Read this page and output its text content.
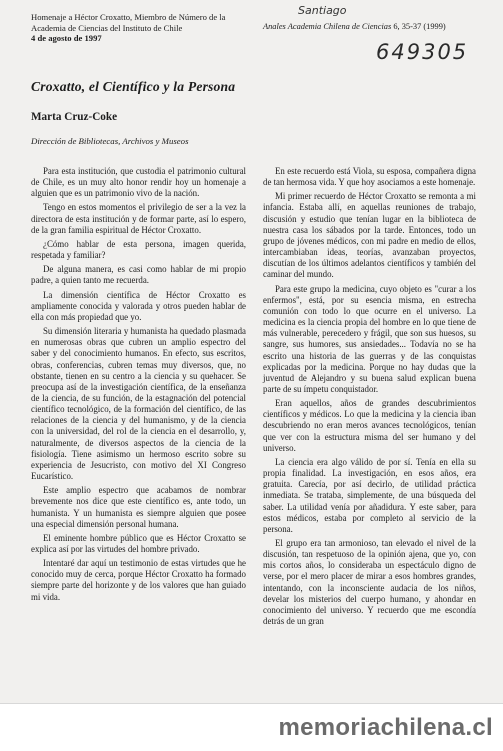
Homenaje a Héctor Croxatto, Miembro de Número de la
Academia de Ciencias del Instituto de Chile
4 de agosto de 1997
Santiago
Anales Academia Chilena de Ciencias 6, 35-37 (1999)
649305
Croxatto, el Científico y la Persona
Marta Cruz-Coke
Dirección de Bibliotecas, Archivos y Museos

Para esta institución, que custodia el patrimonio cultural de Chile, es un muy alto honor rendir hoy un homenaje a alguien que es un patrimonio vivo de la nación.

Tengo en estos momentos el privilegio de ser a la vez la directora de esta institución y de formar parte, así lo espero, de la gran familia espiritual de Héctor Croxatto.

¿Cómo hablar de esta persona, imagen querida, respetada y familiar?

De alguna manera, es casi como hablar de mi propio padre, a quien tanto me recuerda.

La dimensión científica de Héctor Croxatto es ampliamente conocida y valorada y otros pueden hablar de ella con más propiedad que yo.

Su dimensión literaria y humanista ha quedado plasmada en numerosas obras que cubren un amplio espectro del saber y del conocimiento humanos. En efecto, sus escritos, obras, conferencias, cubren temas muy diversos, que, no obstante, tienen en su centro a la ciencia y su quehacer. Se preocupa así de la investigación científica, de la enseñanza de la ciencia, de su función, de la estagnación del potencial científico tecnológico, de la formación del científico, de las relaciones de la ciencia y del humanismo, y de la ciencia con la universidad, del rol de la ciencia en el desarrollo, y, naturalmente, de diversos aspectos de la ciencia de la fisiología. Tiene asimismo un hermoso escrito sobre su experiencia de Jesucristo, con motivo del XI Congreso Eucarístico.

Este amplio espectro que acabamos de nombrar brevemente nos dice que este científico es, ante todo, un humanista. Y un humanista es siempre alguien que posee una especial dimensión personal humana.

El eminente hombre público que es Héctor Croxatto se explica así por las virtudes del hombre privado.

Intentaré dar aquí un testimonio de estas virtudes que he conocido muy de cerca, porque Héctor Croxatto ha formado siempre parte del horizonte y de los valores que han guiado mi vida.

En este recuerdo está Viola, su esposa, compañera digna de tan hermosa vida. Y que hoy asociamos a este homenaje.

Mi primer recuerdo de Héctor Croxatto se remonta a mi infancia. Estaba allí, en aquellas reuniones de trabajo, discusión y estudio que tenían lugar en la biblioteca de nuestra casa los sábados por la tarde. Entonces, todo un grupo de jóvenes médicos, con mi padre en medio de ellos, intercambiaban ideas, teorías, avanzaban proyectos, discutían de los últimos adelantos científicos y también del caminar del mundo.

Para este grupo la medicina, cuyo objeto es "curar a los enfermos", está, por su esencia misma, en estrecha comunión con todo lo que ocurre en el universo. La medicina es la ciencia propia del hombre en lo que tiene de más vulnerable, perecedero y frágil, que son sus huesos, su sangre, sus humores, sus ansiedades... Todavía no se ha escrito una historia de las guerras y de las conquistas explicadas por la medicina. Porque no hay dudas que la juventud de Alejandro y su buena salud explican buena parte de su ímpetu conquistador.

Eran aquellos, años de grandes descubrimientos científicos y médicos. Lo que la medicina y la ciencia iban descubriendo no eran meros avances tecnológicos, tenían que ver con la estructura misma del ser humano y del universo.

La ciencia era algo válido de por sí. Tenía en ella su propia finalidad. La investigación, en esos años, era gratuita. Carecía, por así decirlo, de utilidad práctica inmediata. Se trataba, simplemente, de una búsqueda del saber. La utilidad venía por añadidura. Y este saber, para estos médicos, estaba por completo al servicio de la persona.

El grupo era tan armonioso, tan elevado el nivel de la discusión, tan respetuoso de la opinión ajena, que yo, con mis cortos años, lo consideraba un espectáculo digno de verse, por el mero placer de mirar a esos hombres grandes, intentando, con la inconsciente audacia de los niños, develar los misterios del cuerpo humano, y ahondar en conocimiento del universo. Y recuerdo que me escondía detrás de un gran

memoriachilena.cl
